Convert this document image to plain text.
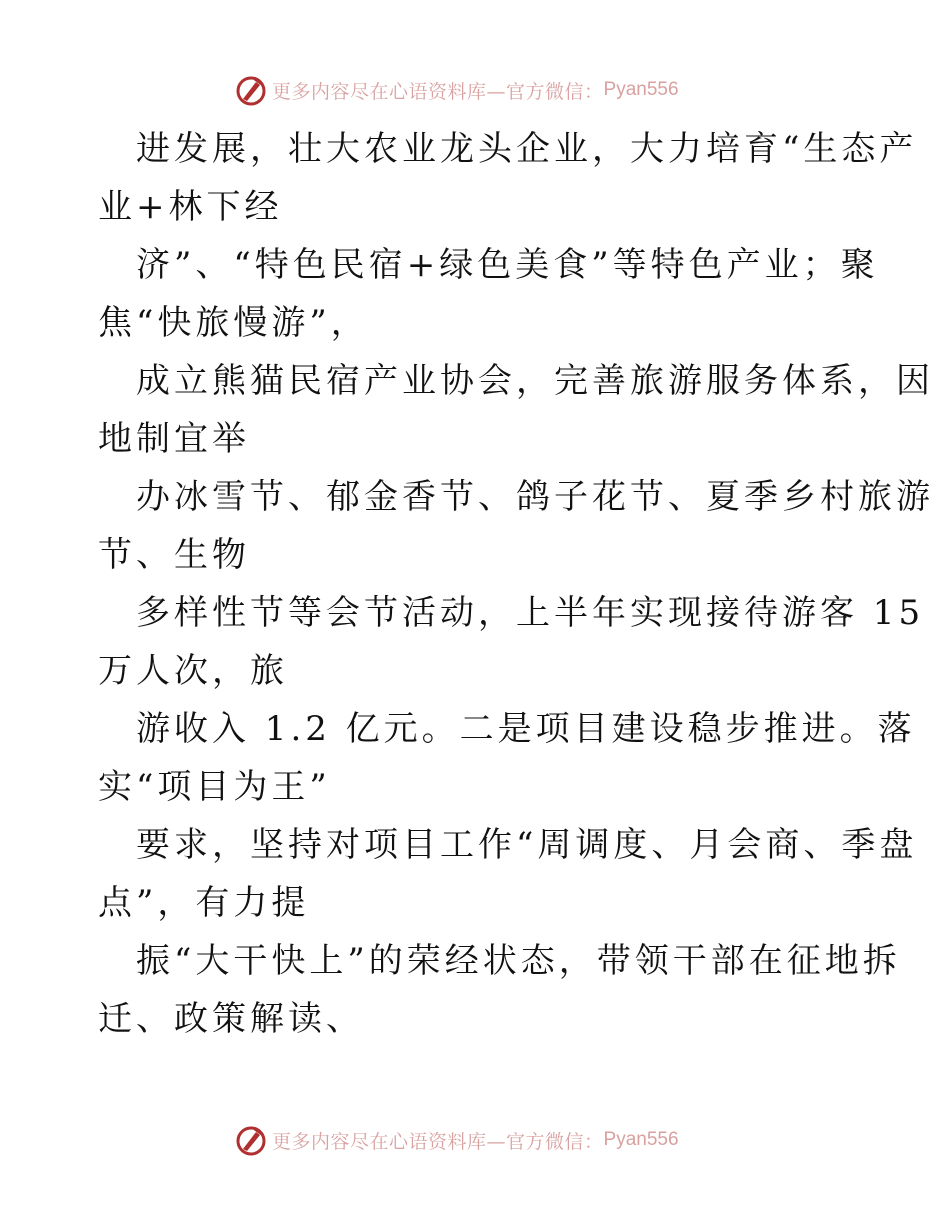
更多内容尽在心语资料库—官方微信： Pyan556
进发展，壮大农业龙头企业，大力培育“生态产
业+林下经
济”、“特色民宿+绿色美食”等特色产业；聚
焦“快旅慢游”，
成立熊猫民宿产业协会，完善旅游服务体系，因
地制宜举
办冰雪节、郁金香节、鸽子花节、夏季乡村旅游
节、生物
多样性节等会节活动，上半年实现接待游客 15
万人次，旅
游收入 1.2 亿元。二是项目建设稳步推进。落
实“项目为王”
要求，坚持对项目工作“周调度、月会商、季盘
点”，有力提
振“大干快上”的荣经状态，带领干部在征地拆
迁、政策解读、
更多内容尽在心语资料库—官方微信： Pyan556
